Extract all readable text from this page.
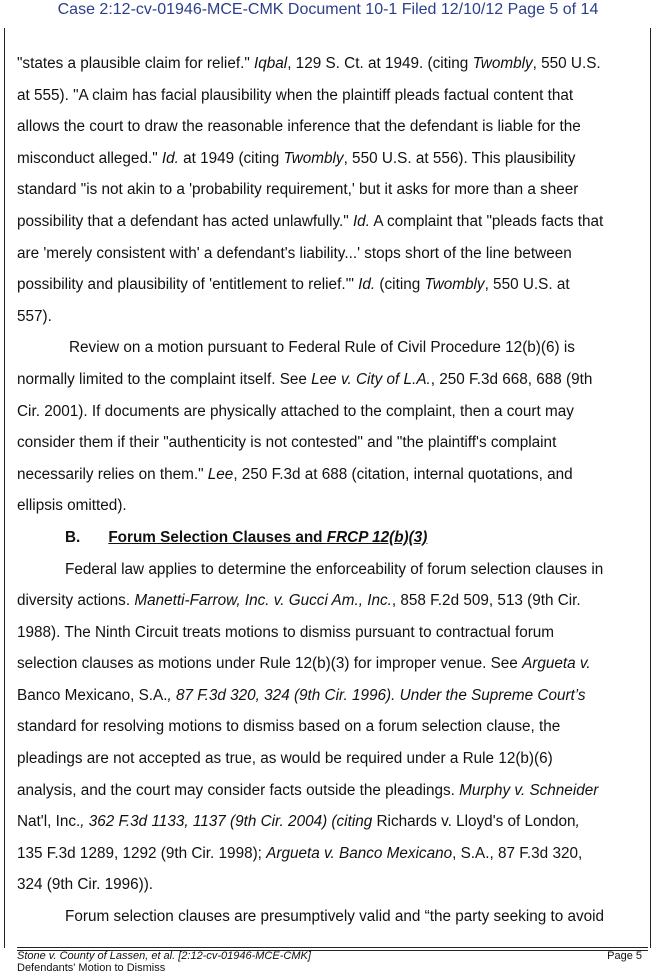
Case 2:12-cv-01946-MCE-CMK Document 10-1 Filed 12/10/12 Page 5 of 14
"states a plausible claim for relief." Iqbal, 129 S. Ct. at 1949. (citing Twombly, 550 U.S.
at 555). "A claim has facial plausibility when the plaintiff pleads factual content that
allows the court to draw the reasonable inference that the defendant is liable for the
misconduct alleged." Id. at 1949 (citing Twombly, 550 U.S. at 556). This plausibility
standard "is not akin to a 'probability requirement,' but it asks for more than a sheer
possibility that a defendant has acted unlawfully." Id. A complaint that "pleads facts that
are 'merely consistent with' a defendant's liability...' stops short of the line between
possibility and plausibility of 'entitlement to relief.'" Id. (citing Twombly, 550 U.S. at
557).
Review on a motion pursuant to Federal Rule of Civil Procedure 12(b)(6) is
normally limited to the complaint itself. See Lee v. City of L.A., 250 F.3d 668, 688 (9th
Cir. 2001). If documents are physically attached to the complaint, then a court may
consider them if their "authenticity is not contested" and "the plaintiff's complaint
necessarily relies on them." Lee, 250 F.3d at 688 (citation, internal quotations, and
ellipsis omitted).
B. Forum Selection Clauses and FRCP 12(b)(3)
Federal law applies to determine the enforceability of forum selection clauses in
diversity actions. Manetti-Farrow, Inc. v. Gucci Am., Inc., 858 F.2d 509, 513 (9th Cir.
1988). The Ninth Circuit treats motions to dismiss pursuant to contractual forum
selection clauses as motions under Rule 12(b)(3) for improper venue. See Argueta v.
Banco Mexicano, S.A., 87 F.3d 320, 324 (9th Cir. 1996). Under the Supreme Court’s
standard for resolving motions to dismiss based on a forum selection clause, the
pleadings are not accepted as true, as would be required under a Rule 12(b)(6)
analysis, and the court may consider facts outside the pleadings. Murphy v. Schneider
Nat'l, Inc., 362 F.3d 1133, 1137 (9th Cir. 2004) (citing Richards v. Lloyd's of London,
135 F.3d 1289, 1292 (9th Cir. 1998); Argueta v. Banco Mexicano, S.A., 87 F.3d 320,
324 (9th Cir. 1996)).
Forum selection clauses are presumptively valid and “the party seeking to avoid
Stone v. County of Lassen, et al. [2:12-cv-01946-MCE-CMK]	Page 5
Defendants' Motion to Dismiss
